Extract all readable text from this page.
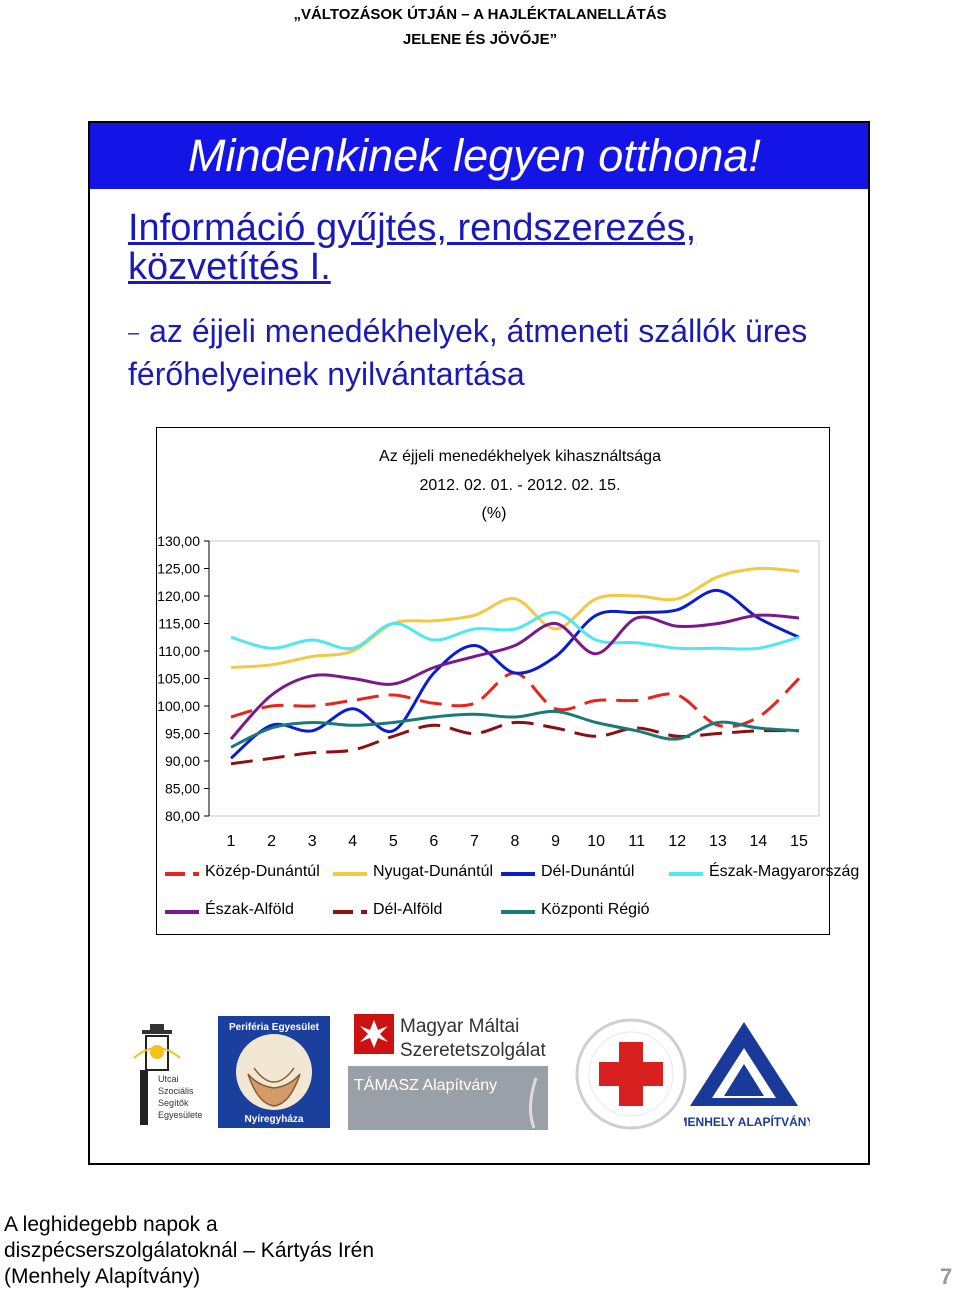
„VÁLTOZÁSOK ÚTJÁN – A HAJLÉKTALANELLÁTÁS
JELENE ÉS JÖVŐJE”
Mindenkinek legyen otthona!
Információ gyűjtés, rendszerezés, közvetítés I.
– az éjjeli menedékhelyek, átmeneti szállók üres férőhelyeinek nyilvántartása
Az éjjeli menedékhelyek kihasználtsága
2012. 02. 01. - 2012. 02. 15.
(%)
130,00
125,00
120,00
115,00
110,00
105,00
100,00
95,00
90,00
85,00
80,00
1 2 3 4 5 6 7 8 9 10 11 12 13 14 15
Közép-Dunántúl	Nyugat-Dunántúl	Dél-Dunántúl	Észak-Magyarország
Észak-Alföld	Dél-Alföld	Központi Régió
Utcai
Szociális
Segítők
Egyesülete
Periféria Egyesület
Nyíregyháza
Magyar Máltai
Szeretetszolgálat
TÁMASZ Alapítvány
MENHELY ALAPÍTVÁNY
A leghidegebb napok a
diszpécserszolgálatoknál – Kártyás Irén
(Menhely Alapítvány)	7
